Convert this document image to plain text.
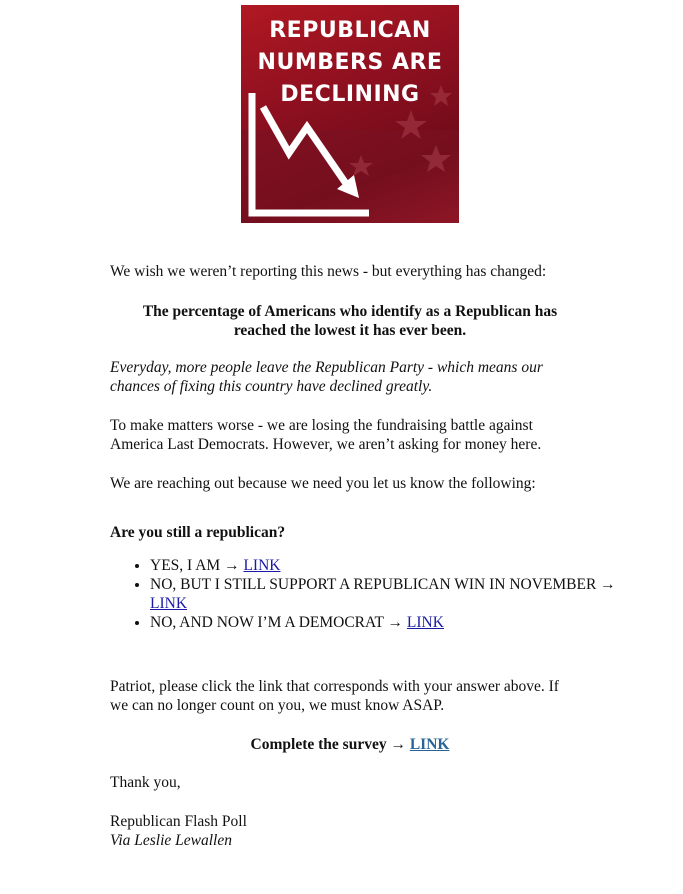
REPUBLICAN
NUMBERS ARE
DECLINING

We wish we weren’t reporting this news - but everything has changed:

The percentage of Americans who identify as a Republican has reached the lowest it has ever been.

Everyday, more people leave the Republican Party - which means our chances of fixing this country have declined greatly.

To make matters worse - we are losing the fundraising battle against America Last Democrats. However, we aren’t asking for money here.

We are reaching out because we need you let us know the following:

Are you still a republican?

• YES, I AM → LINK
• NO, BUT I STILL SUPPORT A REPUBLICAN WIN IN NOVEMBER → LINK
• NO, AND NOW I’M A DEMOCRAT → LINK

Patriot, please click the link that corresponds with your answer above. If we can no longer count on you, we must know ASAP.

Complete the survey → LINK

Thank you,

Republican Flash Poll

Via Leslie Lewallen
